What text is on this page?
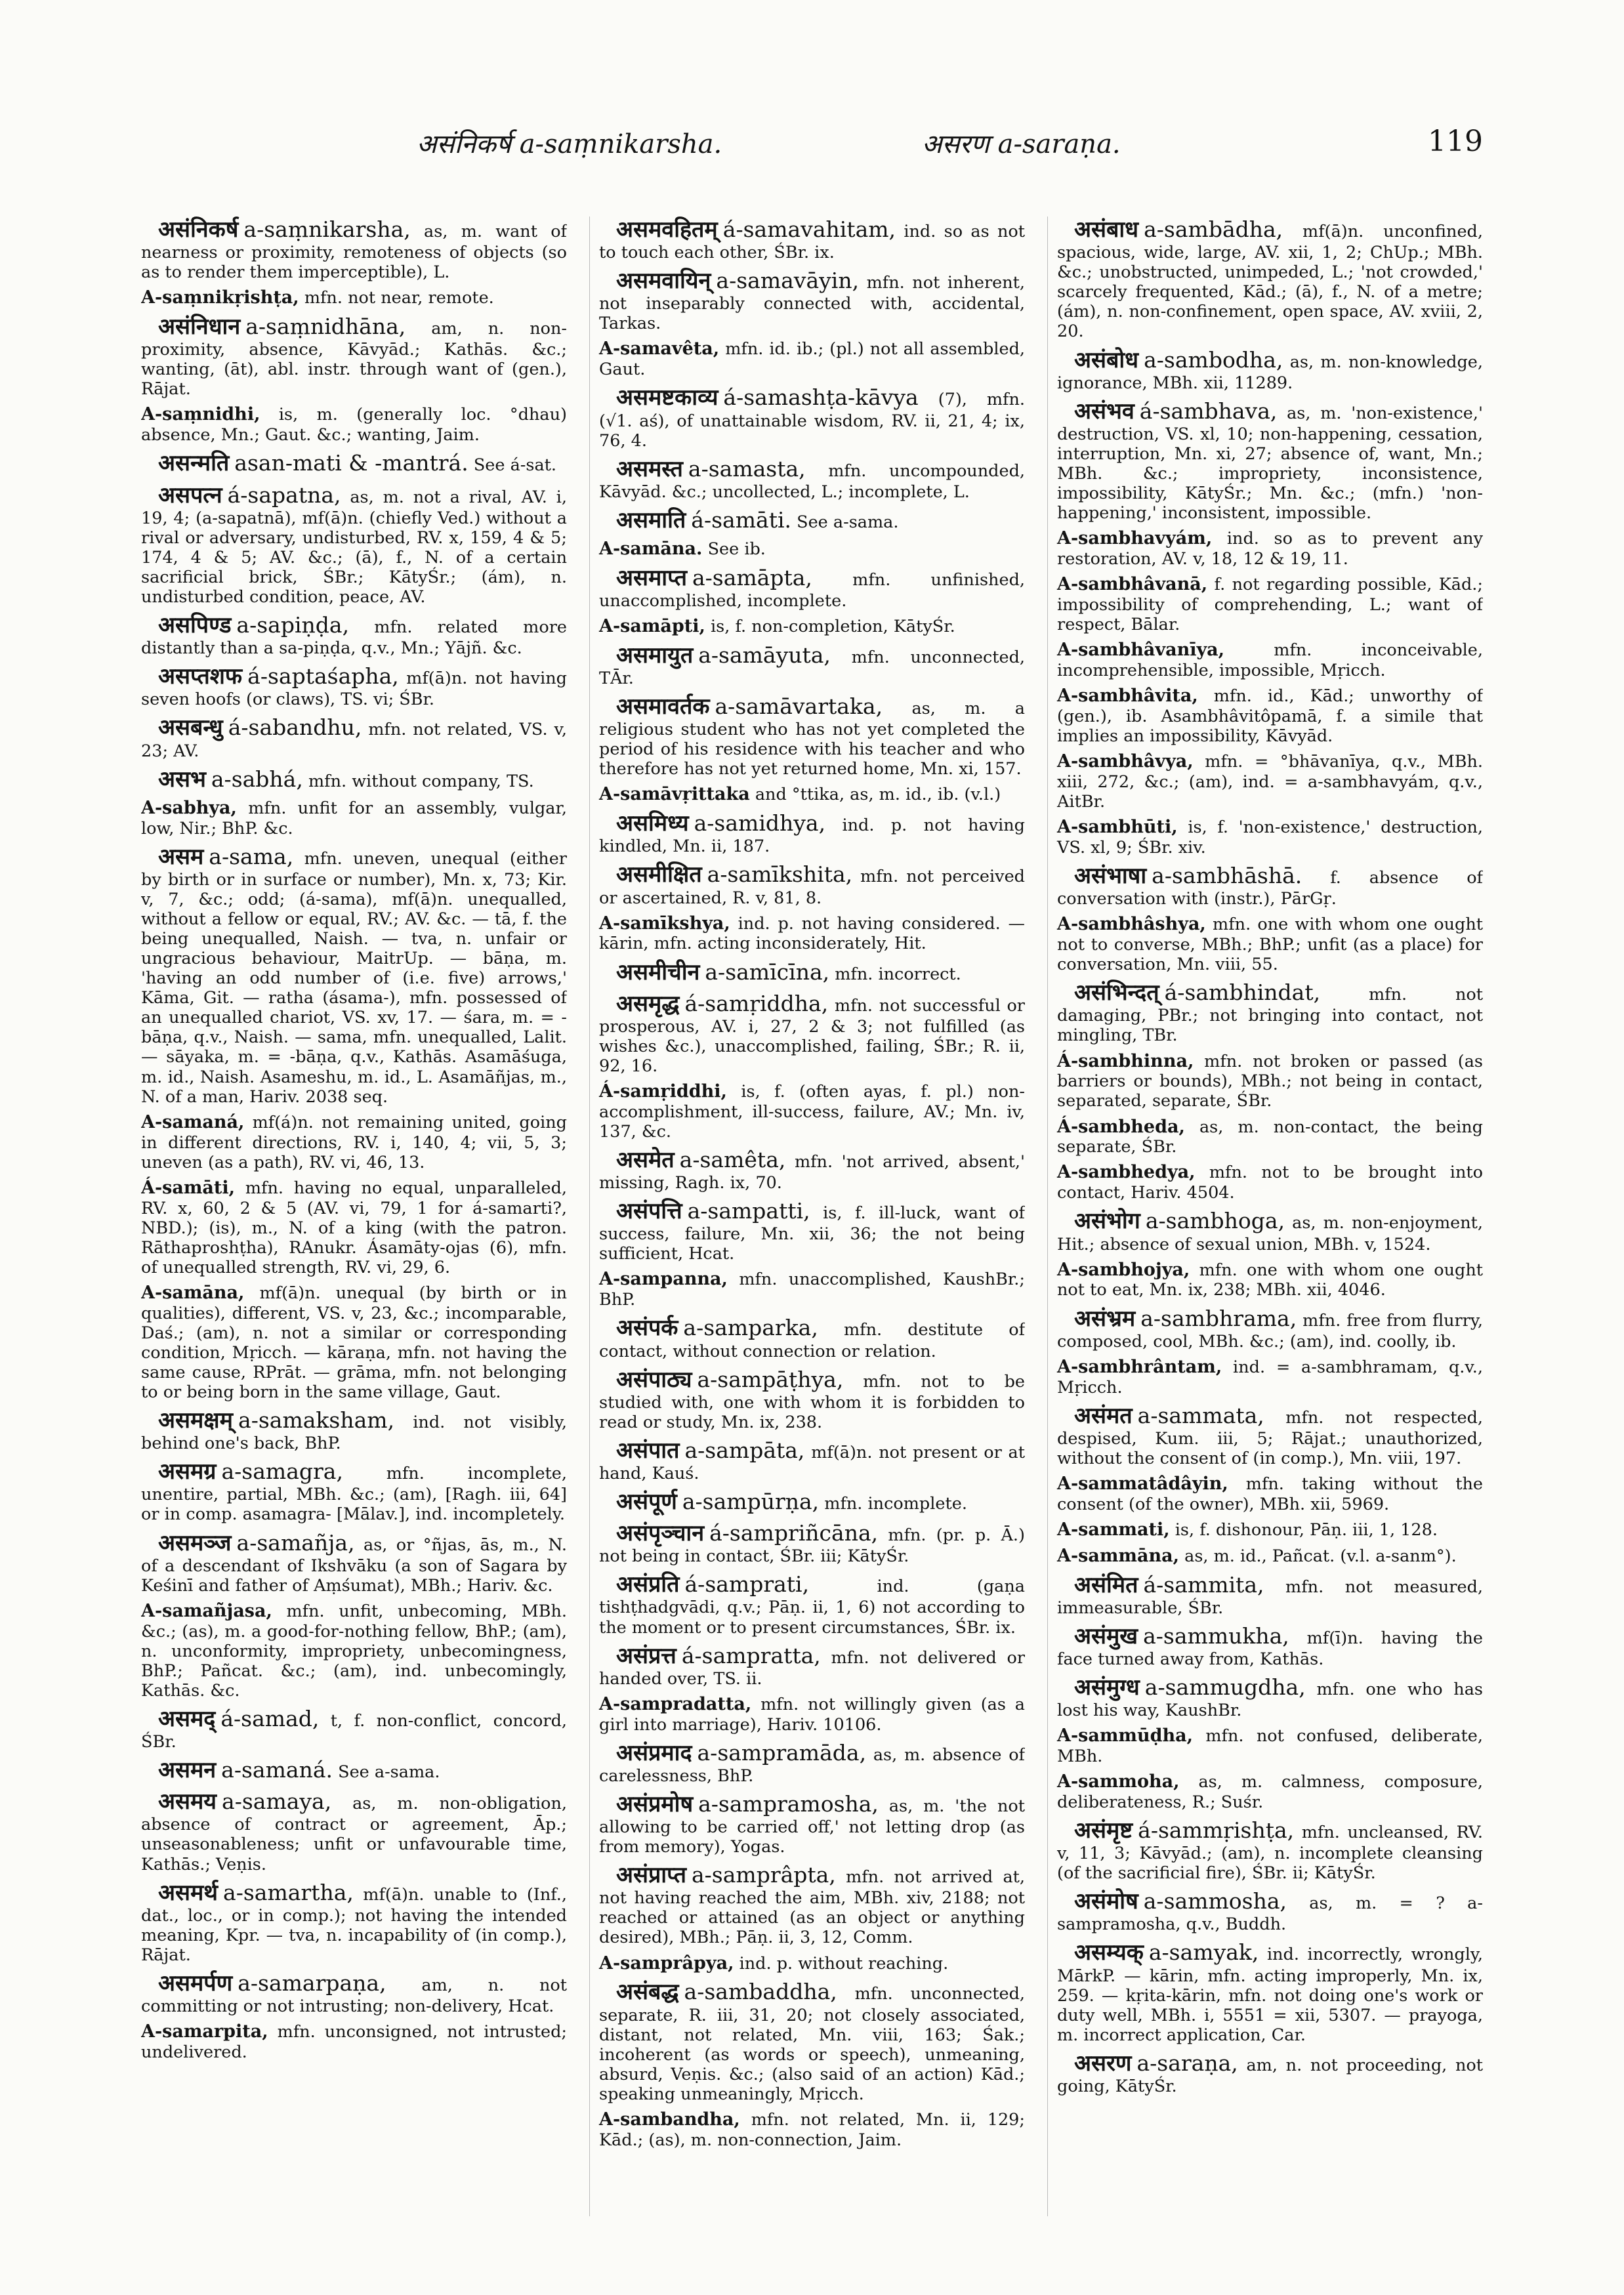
असंनिकर्ष a-saṃnikarsha.	असरण a-saraṇa.	119

असंनिकर्ष a-saṃnikarsha, as, m. want of nearness or proximity, remoteness of objects (so as to render them imperceptible), L.

A-saṃnikṛishṭa, mfn. not near, remote.

असंनिधान a-saṃnidhāna, am, n. non-proximity, absence, Kāvyād.; Kathās. &c.; wanting, (āt), abl. instr. through want of (gen.), Rājat.

A-saṃnidhi, is, m. (generally loc. °dhau) absence, Mn.; Gaut. &c.; wanting, Jaim.

असन्मति asan-mati & -mantrá. See á-sat.

असपत्न á-sapatna, as, m. not a rival, AV. i, 19, 4; (a-sapatnā), mf(ā)n. (chiefly Ved.) without a rival or adversary, undisturbed, RV. x, 159, 4 & 5; 174, 4 & 5; AV. &c.; (ā), f., N. of a certain sacrificial brick, ŚBr.; KātyŚr.; (ám), n. undisturbed condition, peace, AV.

असपिण्ड a-sapiṇḍa, mfn. related more distantly than a sa-piṇḍa, q.v., Mn.; Yājñ. &c.

असप्तशफ á-saptaśapha, mf(ā)n. not having seven hoofs (or claws), TS. vi; ŚBr.

असबन्धु á-sabandhu, mfn. not related, VS. v, 23; AV.

असभ a-sabhá, mfn. without company, TS.

A-sabhya, mfn. unfit for an assembly, vulgar, low, Nir.; BhP. &c.

असम a-sama, mfn. uneven, unequal (either by birth or in surface or number), Mn. x, 73; Kir. v, 7, &c.; odd; (á-sama), mf(ā)n. unequalled, without a fellow or equal, RV.; AV. &c. — tā, f. the being unequalled, Naish. — tva, n. unfair or ungracious behaviour, MaitrUp. — bāṇa, m. 'having an odd number of (i.e. five) arrows,' Kāma, Git. — ratha (ásama-), mfn. possessed of an unequalled chariot, VS. xv, 17. — śara, m. = -bāṇa, q.v., Naish. — sama, mfn. unequalled, Lalit. — sāyaka, m. = -bāṇa, q.v., Kathās. Asamāśuga, m. id., Naish. Asameshu, m. id., L. Asamāñjas, m., N. of a man, Hariv. 2038 seq.

A-samaná, mf(á)n. not remaining united, going in different directions, RV. i, 140, 4; vii, 5, 3; uneven (as a path), RV. vi, 46, 13.

Á-samāti, mfn. having no equal, unparalleled, RV. x, 60, 2 & 5 (AV. vi, 79, 1 for á-samarti?, NBD.); (is), m., N. of a king (with the patron. Rāthaproshṭha), RAnukr. Ásamāty-ojas (6), mfn. of unequalled strength, RV. vi, 29, 6.

A-samāna, mf(ā)n. unequal (by birth or in qualities), different, VS. v, 23, &c.; incomparable, Daś.; (am), n. not a similar or corresponding condition, Mṛicch. — kāraṇa, mfn. not having the same cause, RPrāt. — grāma, mfn. not belonging to or being born in the same village, Gaut.

असमक्षम् a-samaksham, ind. not visibly, behind one's back, BhP.

असमग्र a-samagra,	mfn. incomplete, unentire, partial, MBh. &c.; (am), [Ragh. iii, 64] or in comp. asamagra- [Mālav.], ind. incompletely.

असमञ्ज a-samañja, as, or °ñjas, ās, m., N. of a descendant of Ikshvāku (a son of Sagara by Keśinī and father of Aṃśumat), MBh.; Hariv. &c.

A-samañjasa, mfn. unfit, unbecoming, MBh. &c.; (as), m. a good-for-nothing fellow, BhP.; (am), n. unconformity, impropriety, unbecomingness, BhP.; Pañcat. &c.; (am), ind. unbecomingly, Kathās. &c.

असमद् á-samad, t, f. non-conflict, concord, ŚBr.

असमन a-samaná. See a-sama.

असमय a-samaya, as, m. non-obligation, absence of contract or agreement, Āp.; unseasonableness; unfit or unfavourable time, Kathās.; Veṇis.

असमर्थ a-samartha, mf(ā)n. unable to (Inf., dat., loc., or in comp.); not having the intended meaning, Kpr. — tva, n. incapability of (in comp.), Rājat.

असमर्पण a-samarpaṇa, am, n. not committing or not intrusting; non-delivery, Hcat.

A-samarpita, mfn. unconsigned, not intrusted; undelivered.

असमवहितम् á-samavahitam, ind. so as not to touch each other, ŚBr. ix.

असमवायिन् a-samavāyin, mfn. not inherent, not inseparably connected with, accidental, Tarkas.

A-samavêta, mfn. id. ib.; (pl.) not all assembled, Gaut.

असमष्टकाव्य á-samashṭa-kāvya (7), mfn. (√1. aś), of unattainable wisdom, RV. ii, 21, 4; ix, 76, 4.

असमस्त a-samasta, mfn. uncompounded, Kāvyād. &c.; uncollected, L.; incomplete, L.

असमाति á-samāti. See a-sama.

A-samāna. See ib.

असमाप्त a-samāpta, mfn. unfinished, unaccomplished, incomplete.

A-samāpti, is, f. non-completion, KātyŚr.

असमायुत a-samāyuta, mfn. unconnected, TĀr.

असमावर्तक a-samāvartaka, as, m. a religious student who has not yet completed the period of his residence with his teacher and who therefore has not yet returned home, Mn. xi, 157.

A-samāvṛittaka and °ttika, as, m. id., ib. (v.l.)

असमिध्य a-samidhya, ind. p. not having kindled, Mn. ii, 187.

असमीक्षित a-samīkshita, mfn. not perceived or ascertained, R. v, 81, 8.

A-samīkshya, ind. p. not having considered. — kārin, mfn. acting inconsiderately, Hit.

असमीचीन a-samīcīna, mfn. incorrect.

असमृद्ध á-samṛiddha, mfn. not successful or prosperous, AV. i, 27, 2 & 3; not fulfilled (as wishes &c.), unaccomplished, failing, ŚBr.; R. ii, 92, 16.

Á-samṛiddhi, is, f. (often ayas, f. pl.) non-accomplishment, ill-success, failure, AV.; Mn. iv, 137, &c.

असमेत a-samêta, mfn. 'not arrived, absent,' missing, Ragh. ix, 70.

असंपत्ति a-sampatti, is, f. ill-luck, want of success, failure, Mn. xii, 36; the not being sufficient, Hcat.

A-sampanna, mfn. unaccomplished, KaushBr.; BhP.

असंपर्क a-samparka, mfn. destitute of contact, without connection or relation.

असंपाठ्य a-sampāṭhya, mfn. not to be studied with, one with whom it is forbidden to read or study, Mn. ix, 238.

असंपात a-sampāta, mf(ā)n. not present or at hand, Kauś.

असंपूर्ण a-sampūrṇa, mfn. incomplete.

असंपृञ्चान á-sampriñcāna, mfn. (pr. p. Ā.) not being in contact, ŚBr. iii; KātyŚr.

असंप्रति á-samprati,	ind. (gaṇa tishṭhadgvādi, q.v.; Pāṇ. ii, 1, 6) not according to the moment or to present circumstances, ŚBr. ix.

असंप्रत्त á-sampratta, mfn. not delivered or handed over, TS. ii.

A-sampradatta, mfn. not willingly given (as a girl into marriage), Hariv. 10106.

असंप्रमाद a-sampramāda, as, m. absence of carelessness, BhP.

असंप्रमोष a-sampramosha, as, m. 'the not allowing to be carried off,' not letting drop (as from memory), Yogas.

असंप्राप्त a-samprâpta, mfn. not arrived at, not having reached the aim, MBh. xiv, 2188; not reached or attained (as an object or anything desired), MBh.; Pāṇ. ii, 3, 12, Comm.

A-samprâpya, ind. p. without reaching.

असंबद्ध a-sambaddha, mfn. unconnected, separate, R. iii, 31, 20; not closely associated, distant, not related, Mn. viii, 163; Śak.; incoherent (as words or speech), unmeaning, absurd, Veṇis. &c.; (also said of an action) Kād.; speaking unmeaningly, Mṛicch.

A-sambandha, mfn. not related, Mn. ii, 129; Kād.; (as), m. non-connection, Jaim.

असंबाध a-sambādha, mf(ā)n. unconfined, spacious, wide, large, AV. xii, 1, 2; ChUp.; MBh. &c.; unobstructed, unimpeded, L.; 'not crowded,' scarcely frequented, Kād.; (ā), f., N. of a metre; (ám), n. non-confinement, open space, AV. xviii, 2, 20.

असंबोध a-sambodha, as, m. non-knowledge, ignorance, MBh. xii, 11289.

असंभव á-sambhava, as, m. 'non-existence,' destruction, VS. xl, 10; non-happening, cessation, interruption, Mn. xi, 27; absence of, want, Mn.; MBh. &c.; impropriety, inconsistence, impossibility, KātyŚr.; Mn. &c.; (mfn.) 'non-happening,' inconsistent, impossible.

A-sambhavyám, ind. so as to prevent any restoration, AV. v, 18, 12 & 19, 11.

A-sambhâvanā, f. not regarding possible, Kād.; impossibility of comprehending, L.; want of respect, Bālar.

A-sambhâvanīya,	mfn. inconceivable, incomprehensible, impossible, Mṛicch.

A-sambhâvita, mfn. id., Kād.; unworthy of (gen.), ib. Asambhâvitôpamā, f. a simile that implies an impossibility, Kāvyād.

A-sambhâvya, mfn. = °bhāvanīya, q.v., MBh. xiii, 272, &c.; (am), ind. = a-sambhavyám, q.v., AitBr.

A-sambhūti, is, f. 'non-existence,' destruction, VS. xl, 9; ŚBr. xiv.

असंभाषा a-sambhāshā. f. absence of conversation with (instr.), PārGṛ.

A-sambhâshya, mfn. one with whom one ought not to converse, MBh.; BhP.; unfit (as a place) for conversation, Mn. viii, 55.

असंभिन्दत् á-sambhindat,	mfn. not damaging, PBr.; not bringing into contact, not mingling, TBr.

Á-sambhinna, mfn. not broken or passed (as barriers or bounds), MBh.; not being in contact, separated, separate, ŚBr.

Á-sambheda, as, m. non-contact, the being separate, ŚBr.

A-sambhedya, mfn. not to be brought into contact, Hariv. 4504.

असंभोग a-sambhoga, as, m. non-enjoyment, Hit.; absence of sexual union, MBh. v, 1524.

A-sambhojya, mfn. one with whom one ought not to eat, Mn. ix, 238; MBh. xii, 4046.

असंभ्रम a-sambhrama, mfn. free from flurry, composed, cool, MBh. &c.; (am), ind. coolly, ib.

A-sambhrântam, ind. = a-sambhramam, q.v., Mṛicch.

असंमत a-sammata, mfn. not respected, despised, Kum. iii, 5; Rājat.; unauthorized, without the consent of (in comp.), Mn. viii, 197.

A-sammatâdâyin, mfn. taking without the consent (of the owner), MBh. xii, 5969.

A-sammati, is, f. dishonour, Pāṇ. iii, 1, 128.

A-sammāna, as, m. id., Pañcat. (v.l. a-sanm°).

असंमित á-sammita, mfn. not measured, immeasurable, ŚBr.

असंमुख a-sammukha, mf(ī)n. having the face turned away from, Kathās.

असंमुग्ध a-sammugdha, mfn. one who has lost his way, KaushBr.

A-sammūḍha, mfn. not confused, deliberate, MBh.

A-sammoha, as, m. calmness, composure, deliberateness, R.; Suśr.

असंमृष्ट á-sammṛishṭa, mfn. uncleansed, RV. v, 11, 3; Kāvyād.; (am), n. incomplete cleansing (of the sacrificial fire), ŚBr. ii; KātyŚr.

असंमोष a-sammosha, as, m. = ? a-sampramosha, q.v., Buddh.

असम्यक् a-samyak, ind. incorrectly, wrongly, MārkP. — kārin, mfn. acting improperly, Mn. ix, 259. — kṛita-kārin, mfn. not doing one's work or duty well, MBh. i, 5551 = xii, 5307. — prayoga, m. incorrect application, Car.

असरण a-saraṇa, am, n. not proceeding, not going, KātyŚr.
